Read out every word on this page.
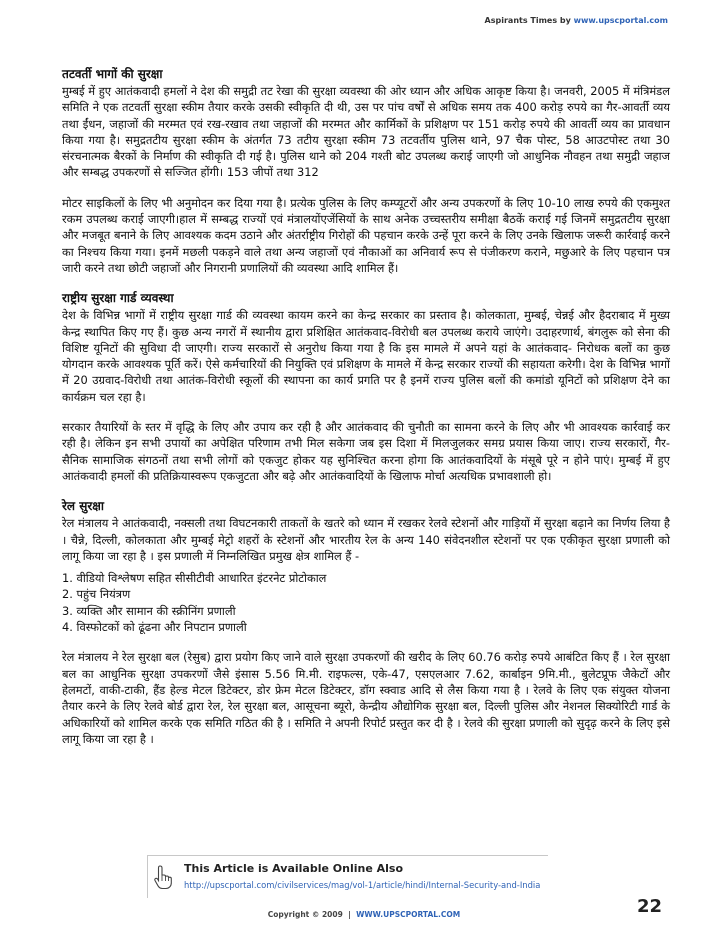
Aspirants Times by www.upscportal.com
तटवर्ती भागों की सुरक्षा

मुम्बई में हुए आतंकवादी हमलों ने देश की समुद्री तट रेखा की सुरक्षा व्यवस्था की ओर ध्यान और अधिक आकृष्ट किया है। जनवरी, 2005 में मंत्रिमंडल समिति ने एक तटवर्ती सुरक्षा स्कीम तैयार करके उसकी स्वीकृति दी थी, उस पर पांच वर्षों से अधिक समय तक 400 करोड़ रुपये का गैर-आवर्ती व्यय तथा ईंधन, जहाजों की मरम्मत एवं रख-रखाव तथा जहाजों की मरम्मत और कार्मिकों के प्रशिक्षण पर 151 करोड़ रुपये की आवर्ती व्यय का प्रावधान किया गया है। समुद्रतटीय सुरक्षा स्कीम के अंतर्गत 73 तटीय सुरक्षा स्कीम 73 तटवर्तीय पुलिस थाने, 97 चैक पोस्ट, 58 आउटपोस्ट तथा 30 संरचनात्मक बैरकों के निर्माण की स्वीकृति दी गई है। पुलिस थाने को 204 गश्ती बोट उपलब्ध कराई जाएगी जो आधुनिक नौवहन तथा समुद्री जहाज और सम्बद्ध उपकरणों से सज्जित होंगी। 153 जीपों तथा 312

मोटर साइकिलों के लिए भी अनुमोदन कर दिया गया है। प्रत्येक पुलिस के लिए कम्प्यूटरों और अन्य उपकरणों के लिए 10-10 लाख रुपये की एकमुश्त रकम उपलब्ध कराई जाएगी।हाल में सम्बद्ध राज्यों एवं मंत्रालयोंएजेंसियों के साथ अनेक उच्चस्तरीय समीक्षा बैठकें कराई गई जिनमें समुद्रतटीय सुरक्षा और मजबूत बनाने के लिए आवश्यक कदम उठाने और अंतर्राष्ट्रीय गिरोहों की पहचान करके उन्हें पूरा करने के लिए उनके खिलाफ जरूरी कार्रवाई करने का निश्चय किया गया। इनमें मछली पकड़ने वाले तथा अन्य जहाजों एवं नौकाओं का अनिवार्य रूप से पंजीकरण कराने, मछुआरे के लिए पहचान पत्र जारी करने तथा छोटी जहाजों और निगरानी प्रणालियों की व्यवस्था आदि शामिल हैं।

राष्ट्रीय सुरक्षा गार्ड व्यवस्था

देश के विभिन्न भागों में राष्ट्रीय सुरक्षा गार्ड की व्यवस्था कायम करने का केन्द्र सरकार का प्रस्ताव है। कोलकाता, मुम्बई, चेन्नई और हैदराबाद में मुख्य केन्द्र स्थापित किए गए हैं। कुछ अन्य नगरों में स्थानीय द्वारा प्रशिक्षित आतंकवाद-विरोधी बल उपलब्ध कराये जाएंगे। उदाहरणार्थ, बंगलुरू को सेना की विशिष्ट यूनिटों की सुविधा दी जाएगी। राज्य सरकारों से अनुरोध किया गया है कि इस मामले में अपने यहां के आतंकवाद- निरोधक बलों का कुछ योगदान करके आवश्यक पूर्ति करें। ऐसे कर्मचारियों की नियुक्ति एवं प्रशिक्षण के मामले में केन्द्र सरकार राज्यों की सहायता करेगी। देश के विभिन्न भागों में 20 उग्रवाद-विरोधी तथा आतंक-विरोधी स्कूलों की स्थापना का कार्य प्रगति पर है इनमें राज्य पुलिस बलों की कमांडो यूनिटों को प्रशिक्षण देने का कार्यक्रम चल रहा है।

सरकार तैयारियों के स्तर में वृद्धि के लिए और उपाय कर रही है और आतंकवाद की चुनौती का सामना करने के लिए और भी आवश्यक कार्रवाई कर रही है। लेकिन इन सभी उपायों का अपेक्षित परिणाम तभी मिल सकेगा जब इस दिशा में मिलजुलकर समग्र प्रयास किया जाए। राज्य सरकारों, गैर-सैनिक सामाजिक संगठनों तथा सभी लोगों को एकजुट होकर यह सुनिश्चित करना होगा कि आतंकवादियों के मंसूबे पूरे न होने पाएं। मुम्बई में हुए आतंकवादी हमलों की प्रतिक्रियास्वरूप एकजुटता और बढ़े और आतंकवादियों के खिलाफ मोर्चा अत्यधिक प्रभावशाली हो।

रेल सुरक्षा

रेल मंत्रालय ने आतंकवादी, नक्सली तथा विघटनकारी ताकतों के खतरे को ध्यान में रखकर रेलवे स्टेशनों और गाड़ियों में सुरक्षा बढ़ाने का निर्णय लिया है । चैन्ने, दिल्ली, कोलकाता और मुम्बई मेट्रो शहरों के स्टेशनों और भारतीय रेल के अन्य 140 संवेदनशील स्टेशनों पर एक एकीकृत सुरक्षा प्रणाली को लागू किया जा रहा है । इस प्रणाली में निम्नलिखित प्रमुख क्षेत्र शामिल हैं -

1. वीडियो विश्लेषण सहित सीसीटीवी आधारित इंटरनेट प्रोटोकाल
2. पहुंच नियंत्रण
3. व्यक्ति और सामान की स्क्रीनिंग प्रणाली
4. विस्फोटकों को ढूंढना और निपटान प्रणाली

रेल मंत्रालय ने रेल सुरक्षा बल (रेसुब) द्वारा प्रयोग किए जाने वाले सुरक्षा उपकरणों की खरीद के लिए 60.76 करोड़ रुपये आबंटित किए हैं । रेल सुरक्षा बल का आधुनिक सुरक्षा उपकरणों जैसे इंसास 5.56 मि.मी. राइफल्स, एके-47, एसएलआर 7.62, कार्बाइन 9मि.मी., बुलेटप्रूफ जैकेटों और हेलमटों, वाकी-टाकी, हैंड हेल्ड मेटल डिटेक्टर, डोर फ्रेम मेटल डिटेक्टर, डॉग स्क्वाड आदि से लैस किया गया है । रेलवे के लिए एक संयुक्त योजना तैयार करने के लिए रेलवे बोर्ड द्वारा रेल, रेल सुरक्षा बल, आसूचना ब्यूरो, केन्द्रीय औद्योगिक सुरक्षा बल, दिल्ली पुलिस और नेशनल सिक्योरिटी गार्ड के अधिकारियों को शामिल करके एक समिति गठित की है । समिति ने अपनी रिपोर्ट प्रस्तुत कर दी है । रेलवे की सुरक्षा प्रणाली को सुदृढ़ करने के लिए इसे लागू किया जा रहा है ।

This Article is Available Online Also
http://upscportal.com/civilservices/mag/vol-1/article/hindi/Internal-Security-and-India
Copyright © 2009 | WWW.UPSCPORTAL.COM	22
